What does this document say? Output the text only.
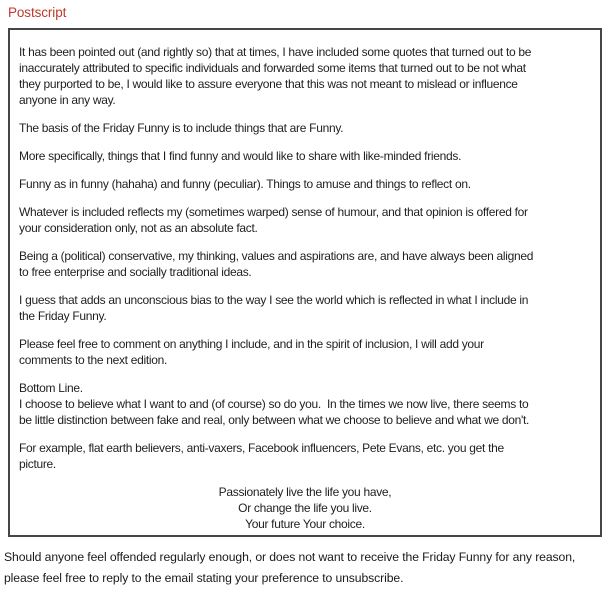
Postscript

It has been pointed out (and rightly so) that at times, I have included some quotes that turned out to be
inaccurately attributed to specific individuals and forwarded some items that turned out to be not what
they purported to be, I would like to assure everyone that this was not meant to mislead or influence
anyone in any way.

The basis of the Friday Funny is to include things that are Funny.

More specifically, things that I find funny and would like to share with like-minded friends.

Funny as in funny (hahaha) and funny (peculiar). Things to amuse and things to reflect on.

Whatever is included reflects my (sometimes warped) sense of humour, and that opinion is offered for
your consideration only, not as an absolute fact.

Being a (political) conservative, my thinking, values and aspirations are, and have always been aligned
to free enterprise and socially traditional ideas.

I guess that adds an unconscious bias to the way I see the world which is reflected in what I include in
the Friday Funny.

Please feel free to comment on anything I include, and in the spirit of inclusion, I will add your
comments to the next edition.

Bottom Line.
I choose to believe what I want to and (of course) so do you.  In the times we now live, there seems to
be little distinction between fake and real, only between what we choose to believe and what we don't.

For example, flat earth believers, anti-vaxers, Facebook influencers, Pete Evans, etc. you get the
picture.

Passionately live the life you have,
Or change the life you live.
Your future Your choice.

Should anyone feel offended regularly enough, or does not want to receive the Friday Funny for any reason,
please feel free to reply to the email stating your preference to unsubscribe.
